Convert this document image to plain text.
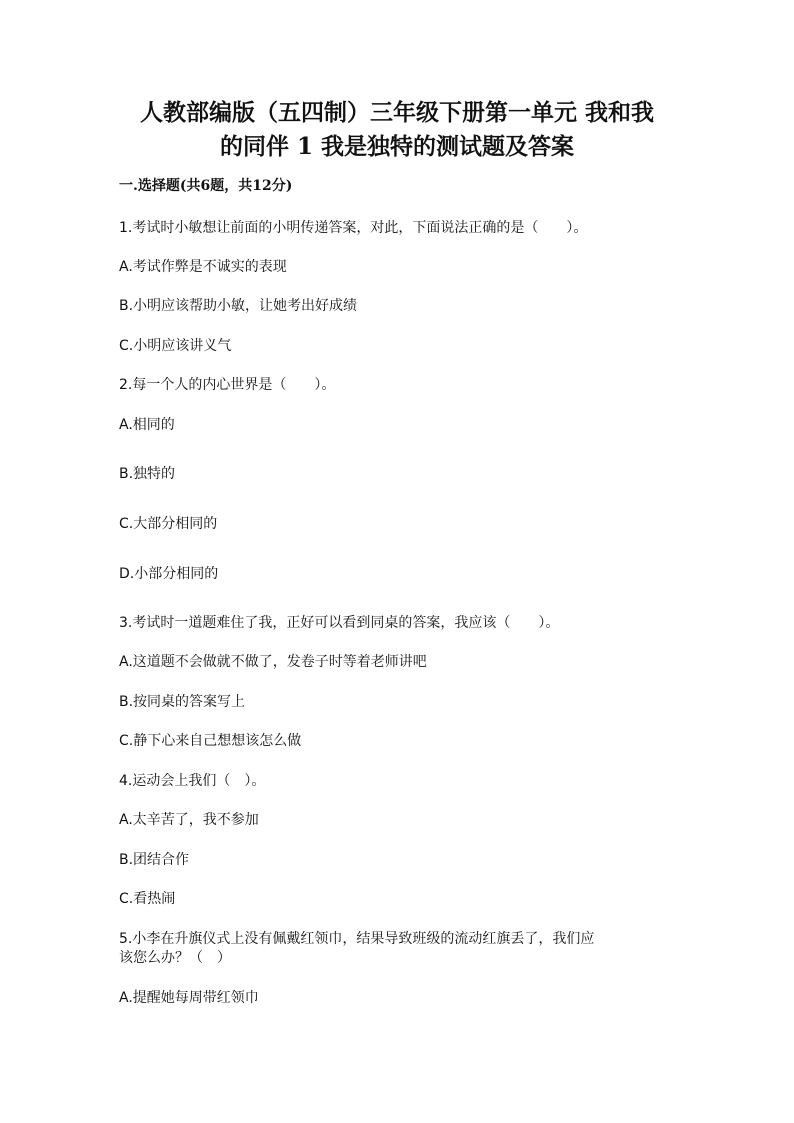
人教部编版（五四制）三年级下册第一单元 我和我
的同伴 1 我是独特的测试题及答案
一.选择题(共6题，共12分)

1.考试时小敏想让前面的小明传递答案，对此，下面说法正确的是（　　）。

A.考试作弊是不诚实的表现

B.小明应该帮助小敏，让她考出好成绩

C.小明应该讲义气

2.每一个人的内心世界是（　　）。

A.相同的

B.独特的

C.大部分相同的

D.小部分相同的

3.考试时一道题难住了我，正好可以看到同桌的答案，我应该（　　）。

A.这道题不会做就不做了，发卷子时等着老师讲吧

B.按同桌的答案写上

C.静下心来自己想想该怎么做

4.运动会上我们（　）。

A.太辛苦了，我不参加

B.团结合作

C.看热闹

5.小李在升旗仪式上没有佩戴红领巾，结果导致班级的流动红旗丢了，我们应

该您么办？（　）

A.提醒她每周带红领巾
